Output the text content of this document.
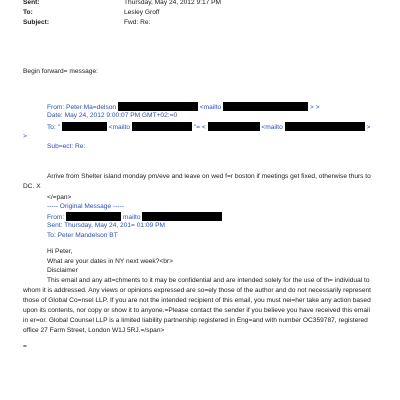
Sent:	Thursday, May 24, 2012 9:17 PM
To:	Lesley Groff
Subject:	Fwd: Re:
Begin forward= message:
From: Peter Ma=delson	<mailto	> >
Date: May 24, 2012 9:00:07 PM GMT+02:=0
To: "	<mailto	"= <	<mailto	>
>
Sub=ect: Re:
Arrive from Shelter island monday pm/eve and leave on wed f=r boston if meetings get fixed, otherwise thurs to
DC. X
</=pan>
----- Original Message -----
From:	mailto
Sent: Thursday, May 24, 201= 01:09 PM
To: Peter Mandelson BT
Hi Peter,
What are your dates in NY next week?<br>
Disclaimer
This email and any att=chments to it may be confidential and are intended solely for the use of th= individual to
whom it is addressed. Any views or opinions expressed are so=ely those of the author and do not necessarily represent
those of Global Co=nsel LLP. If you are not the intended recipient of this email, you must nei=her take any action based
upon its contents, nor copy or show it to anyone.=Please contact the sender if you believe you have received this email
in er=or. Global Counsel LLP is a limited liability partnership registered in Eng=and with number OC359787, registered
office 27 Farm Street, London W1J 5RJ.=/span>
=
